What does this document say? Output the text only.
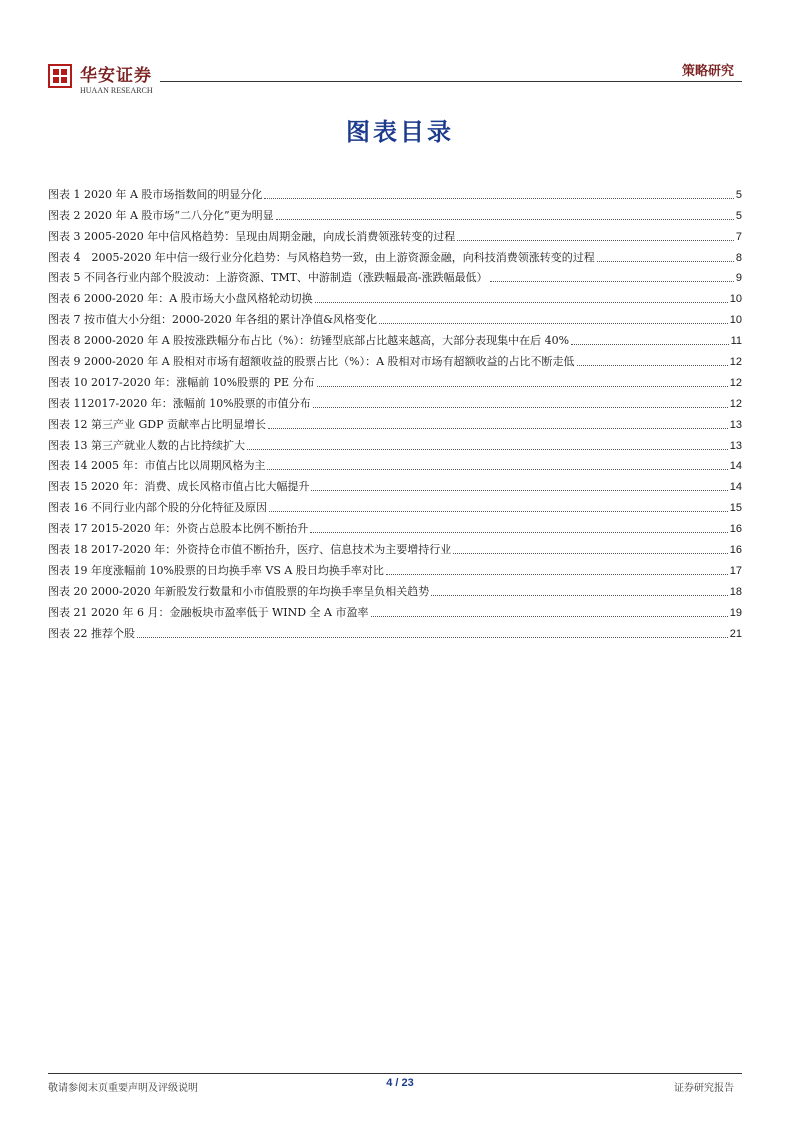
华安证券
HUAAN RESEARCH
策略研究
图表目录
图表 1 2020 年 A 股市场指数间的明显分化	5
图表 2 2020 年 A 股市场“二八分化”更为明显	5
图表 3 2005-2020 年中信风格趋势：呈现由周期金融，向成长消费领涨转变的过程	7
图表 4　2005-2020 年中信一级行业分化趋势：与风格趋势一致，由上游资源金融，向科技消费领涨转变的过程	8
图表 5 不同各行业内部个股波动：上游资源、TMT、中游制造（涨跌幅最高-涨跌幅最低）	9
图表 6 2000-2020 年：A 股市场大小盘风格轮动切换	10
图表 7 按市值大小分组：2000-2020 年各组的累计净值&风格变化	10
图表 8 2000-2020 年 A 股按涨跌幅分布占比（%）：纺锤型底部占比越来越高，大部分表现集中在后 40%	11
图表 9 2000-2020 年 A 股相对市场有超额收益的股票占比（%）：A 股相对市场有超额收益的占比不断走低	12
图表 10 2017-2020 年：涨幅前 10%股票的 PE 分布	12
图表 112017-2020 年：涨幅前 10%股票的市值分布	12
图表 12 第三产业 GDP 贡献率占比明显增长	13
图表 13 第三产就业人数的占比持续扩大	13
图表 14 2005 年：市值占比以周期风格为主	14
图表 15 2020 年：消费、成长风格市值占比大幅提升	14
图表 16 不同行业内部个股的分化特征及原因	15
图表 17 2015-2020 年：外资占总股本比例不断抬升	16
图表 18 2017-2020 年：外资持仓市值不断抬升，医疗、信息技术为主要增持行业	16
图表 19 年度涨幅前 10%股票的日均换手率 VS A 股日均换手率对比	17
图表 20 2000-2020 年新股发行数量和小市值股票的年均换手率呈负相关趋势	18
图表 21 2020 年 6 月：金融板块市盈率低于 WIND 全 A 市盈率	19
图表 22 推荐个股	21
敬请参阅末页重要声明及评级说明	4 / 23	证券研究报告
